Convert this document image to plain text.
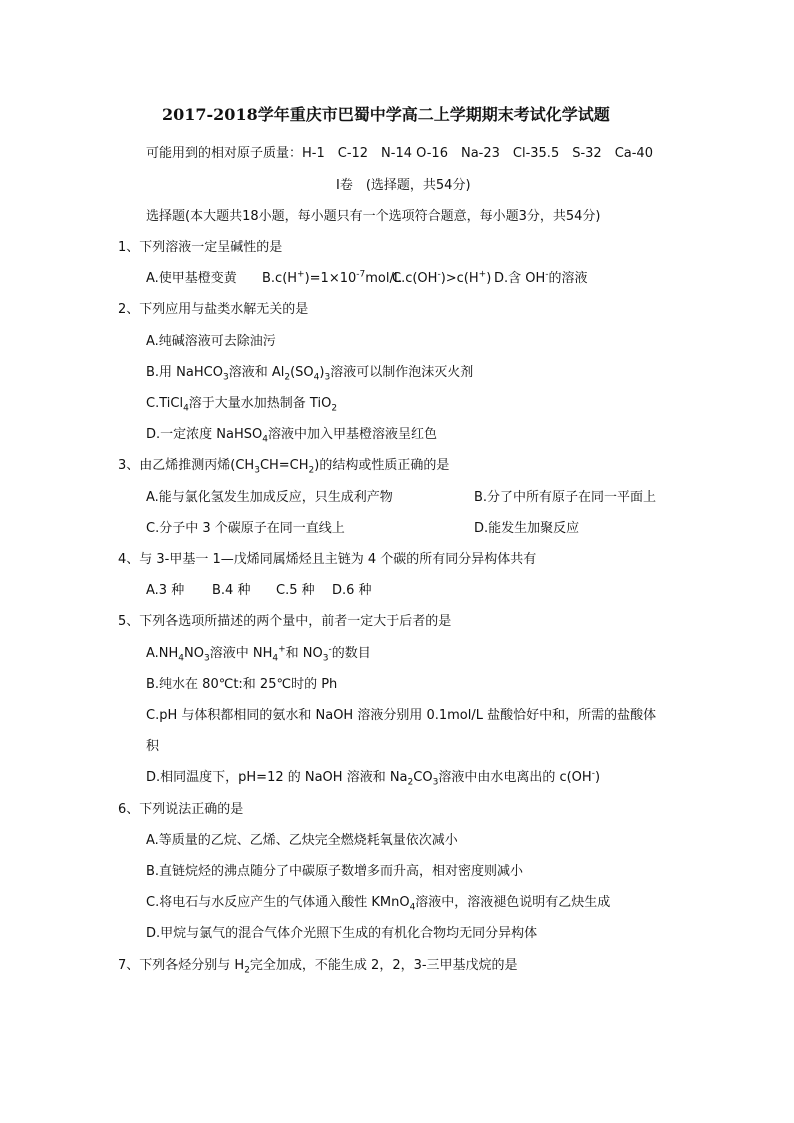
2017-2018学年重庆市巴蜀中学高二上学期期末考试化学试题
可能用到的相对原子质量：H-1　C-12　N-14 O-16　Na-23　Cl-35.5　S-32　Ca-40
I卷　(选择题，共54分)
选择题(本大题共18小题，每小题只有一个选项符合题意，每小题3分，共54分)
1、下列溶液一定呈碱性的是
A.使甲基橙变黄 $B.c(H^+)=1\times 10^{-7}mol/L$
C.c(OH-)>c(H+) D.含 OH-的溶液
2、下列应用与盐类水解无关的是
A.纯碱溶液可去除油污
B.用 NaHCO$_3$溶液和 $Al_2(SO_4)_3$溶液可以制作泡沫灭火剂
C.TiCl$_4$溶于大量水加热制备 TiO$_2$
D.一定浓度 NaHSO$_4$溶液中加入甲基橙溶液呈红色
3、由乙烯推测丙烯$(CH_3CH=CH_2)$的结构或性质正确的是
A.能与氯化氢发生加成反应，只生成利产物	B.分了中所有原子在同一平面上
C.分子中 3 个碳原子在同一直线上	D.能发生加聚反应
4、与 3-甲基一 1—戊烯同属烯烃且主链为 4 个碳的所有同分异构体共有
A.3 种 B.4 种 C.5 种 D.6 种
5、下列各选项所描述的两个量中，前者一定大于后者的是
$A.NH_4NO_3$溶液中 $NH_4^+$和 $NO_3^-$的数目
B.纯水在 80℃t:和 25℃时的 Ph
C.pH 与体积都相同的氨水和 NaOH 溶液分别用 0.1mol/L 盐酸恰好中和，所需的盐酸体
积
D.相同温度下，pH=12 的 NaOH 溶液和 $Na_2CO_3$溶液中由水电离出的 c(OH-)
6、下列说法正确的是
A.等质量的乙烷、乙烯、乙炔完全燃烧耗氧量依次减小
B.直链烷烃的沸点随分了中碳原子数增多而升高，相对密度则减小
C.将电石与水反应产生的气体通入酸性 KMnO$_4$溶液中，溶液褪色说明有乙炔生成
D.甲烷与氯气的混合气体介光照下生成的有机化合物均无同分异构体
7、下列各烃分别与 $H_2$完全加成，不能生成 2，2，3-三甲基戊烷的是
